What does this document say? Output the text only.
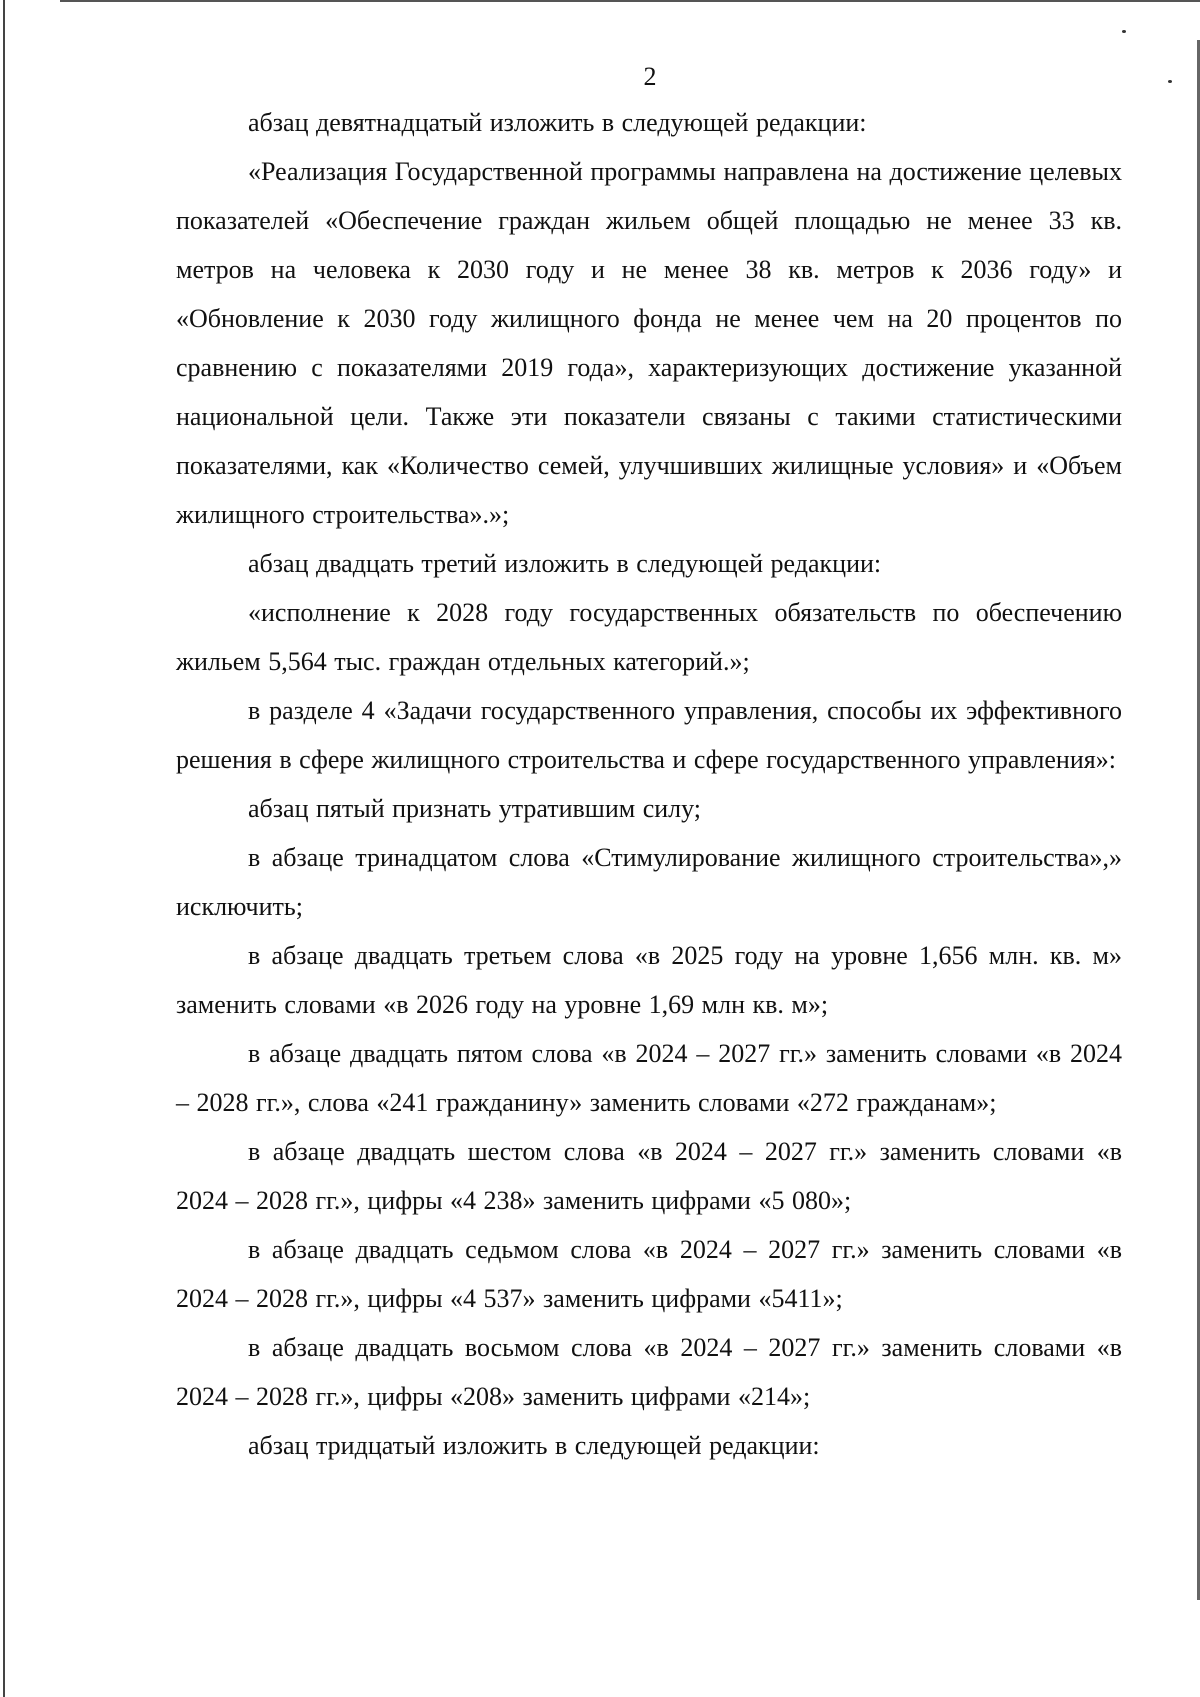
2

абзац девятнадцатый изложить в следующей редакции:

«Реализация Государственной программы направлена на достижение целевых показателей «Обеспечение граждан жильем общей площадью не менее 33 кв. метров на человека к 2030 году и не менее 38 кв. метров к 2036 году» и «Обновление к 2030 году жилищного фонда не менее чем на 20 процентов по сравнению с показателями 2019 года», характеризующих достижение указанной национальной цели. Также эти показатели связаны с такими статистическими показателями, как «Количество семей, улучшивших жилищные условия» и «Объем жилищного строительства».»;

абзац двадцать третий изложить в следующей редакции:

«исполнение к 2028 году государственных обязательств по обеспечению жильем 5,564 тыс. граждан отдельных категорий.»;

в разделе 4 «Задачи государственного управления, способы их эффективного решения в сфере жилищного строительства и сфере государственного управления»:

абзац пятый признать утратившим силу;

в абзаце тринадцатом слова «Стимулирование жилищного строительства»,» исключить;

в абзаце двадцать третьем слова «в 2025 году на уровне 1,656 млн. кв. м» заменить словами «в 2026 году на уровне 1,69 млн кв. м»;

в абзаце двадцать пятом слова «в 2024 – 2027 гг.» заменить словами «в 2024 – 2028 гг.», слова «241 гражданину» заменить словами «272 гражданам»;

в абзаце двадцать шестом слова «в 2024 – 2027 гг.» заменить словами «в 2024 – 2028 гг.», цифры «4 238» заменить цифрами «5 080»;

в абзаце двадцать седьмом слова «в 2024 – 2027 гг.» заменить словами «в 2024 – 2028 гг.», цифры «4 537» заменить цифрами «5411»;

в абзаце двадцать восьмом слова «в 2024 – 2027 гг.» заменить словами «в 2024 – 2028 гг.», цифры «208» заменить цифрами «214»;

абзац тридцатый изложить в следующей редакции:
